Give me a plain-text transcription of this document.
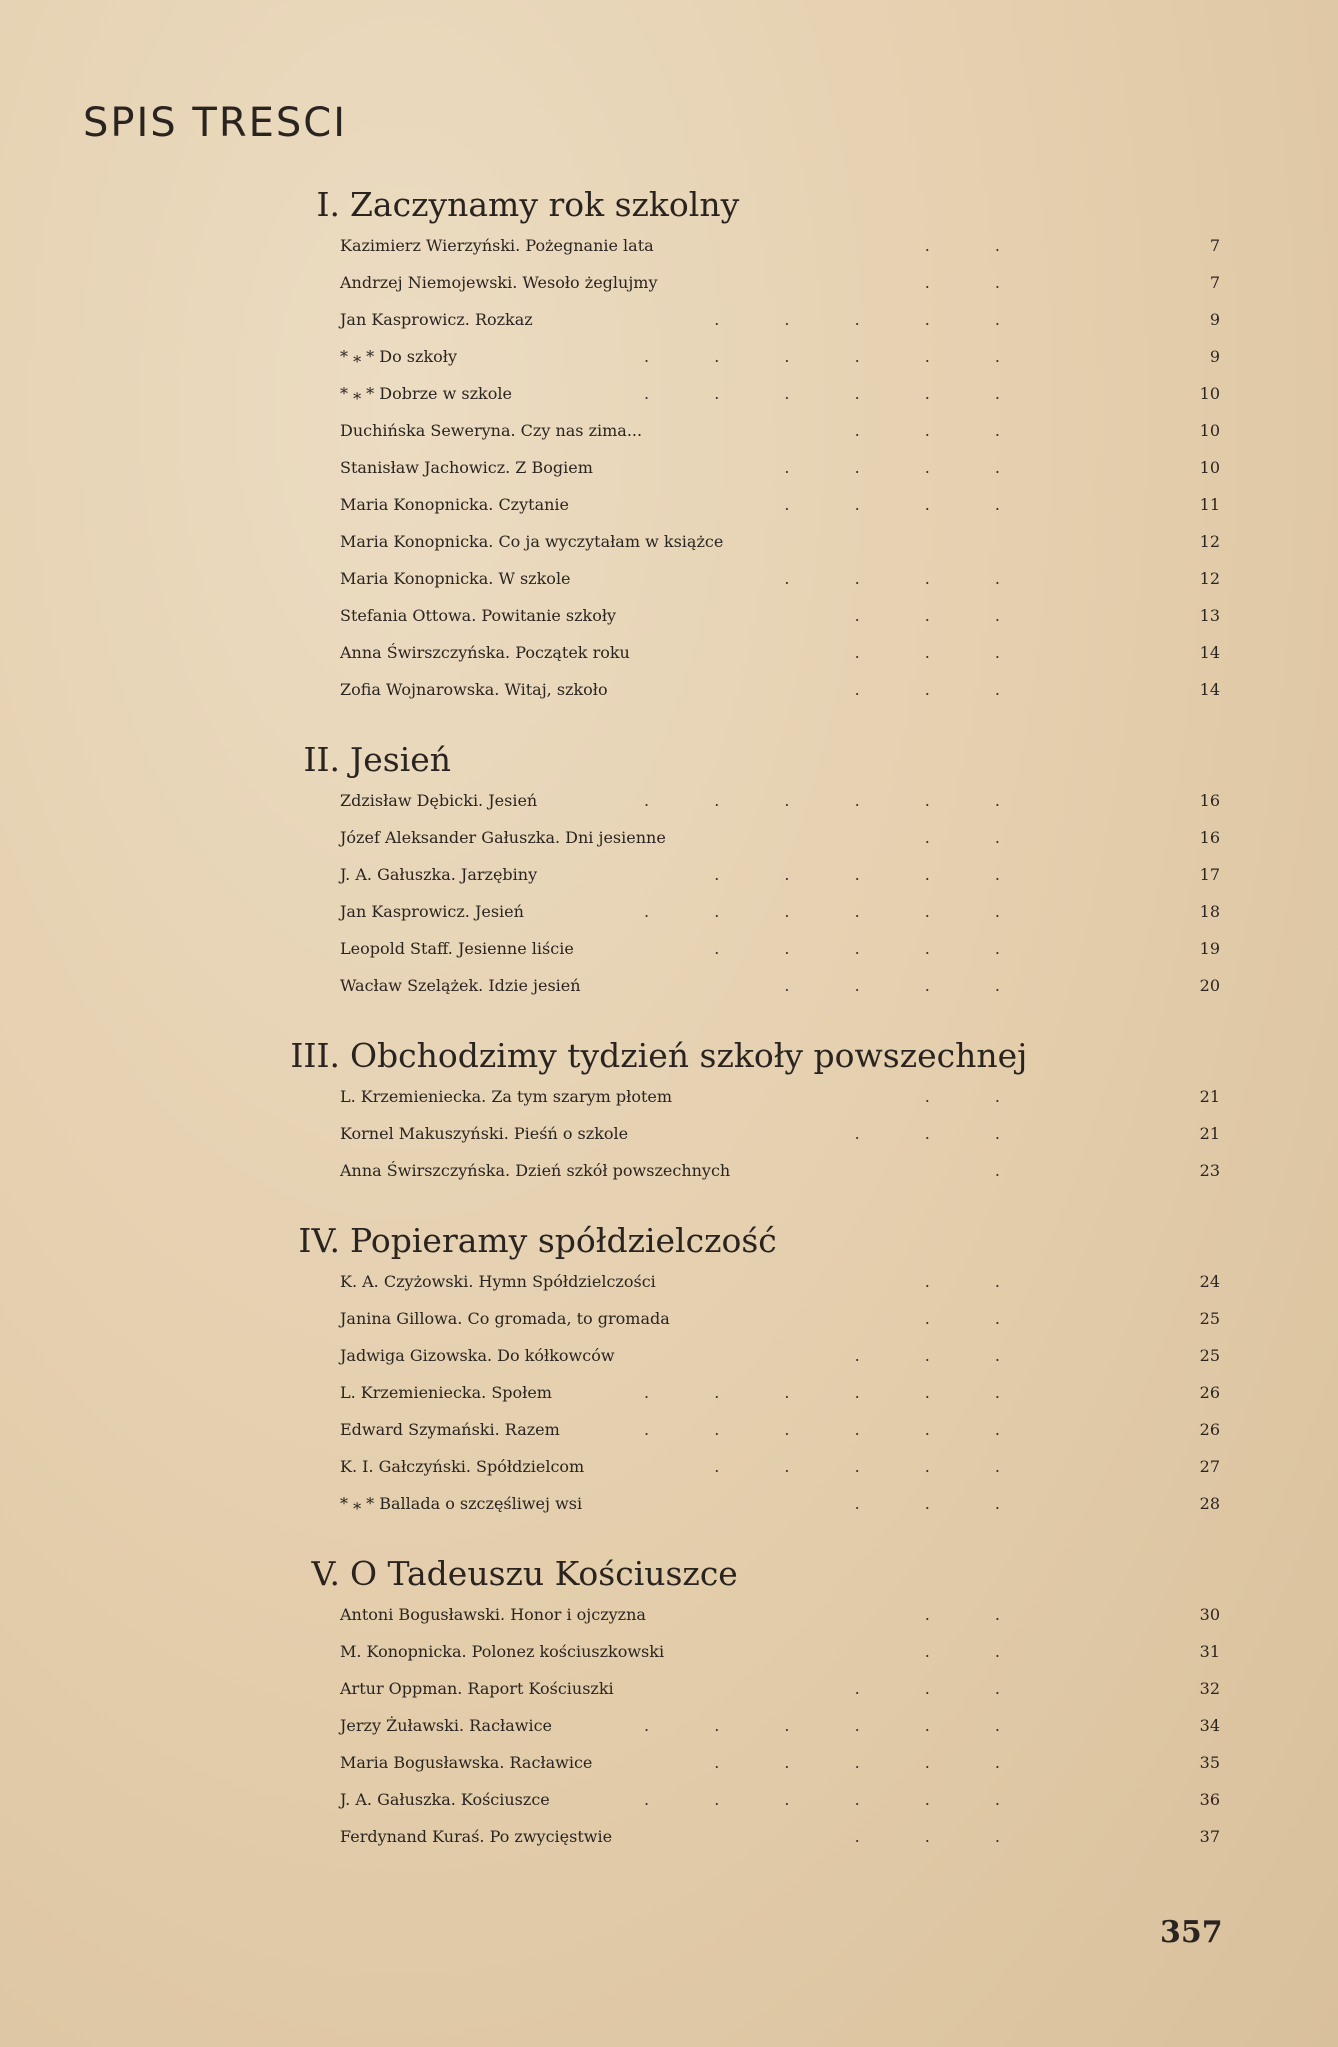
SPIS TRESCI
I. Zaczynamy rok szkolny
. .
Kazimierz Wierzyński. Pożegnanie lata	7
. .
Andrzej Niemojewski. Wesoło żeglujmy	7
. . . . .
Jan Kasprowicz. Rozkaz	9
. . . . . .
* ⁎ * Do szkoły	9
. . . . . .
* ⁎ * Dobrze w szkole	10
. . .
Duchińska Seweryna. Czy nas zima...	10
. . . .
Stanisław Jachowicz. Z Bogiem	10
. . . .
Maria Konopnicka. Czytanie	11
Maria Konopnicka. Co ja wyczytałam w książce	12
. . . .
Maria Konopnicka. W szkole	12
. . .
Stefania Ottowa. Powitanie szkoły	13
. . .
Anna Świrszczyńska. Początek roku	14
. . .
Zofia Wojnarowska. Witaj, szkoło	14
II. Jesień
. . . . . .
Zdzisław Dębicki. Jesień	16
. .
Józef Aleksander Gałuszka. Dni jesienne	16
. . . . .
J. A. Gałuszka. Jarzębiny	17
. . . . . .
Jan Kasprowicz. Jesień	18
. . . . .
Leopold Staff. Jesienne liście	19
. . . .
Wacław Szelążek. Idzie jesień	20
III. Obchodzimy tydzień szkoły powszechnej
. .
L. Krzemieniecka. Za tym szarym płotem	21
. . .
Kornel Makuszyński. Pieśń o szkole	21
.
Anna Świrszczyńska. Dzień szkół powszechnych	23
IV. Popieramy spółdzielczość
. .
K. A. Czyżowski. Hymn Spółdzielczości	24
. .
Janina Gillowa. Co gromada, to gromada	25
. . .
Jadwiga Gizowska. Do kółkowców	25
. . . . . .
L. Krzemieniecka. Społem	26
. . . . . .
Edward Szymański. Razem	26
. . . . .
K. I. Gałczyński. Spółdzielcom	27
. . .
* ⁎ * Ballada o szczęśliwej wsi	28
V. O Tadeuszu Kościuszce
. .
Antoni Bogusławski. Honor i ojczyzna	30
. .
M. Konopnicka. Polonez kościuszkowski	31
. . .
Artur Oppman. Raport Kościuszki	32
. . . . . .
Jerzy Żuławski. Racławice	34
. . . . .
Maria Bogusławska. Racławice	35
. . . . . .
J. A. Gałuszka. Kościuszce	36
. . .
Ferdynand Kuraś. Po zwycięstwie	37
357
